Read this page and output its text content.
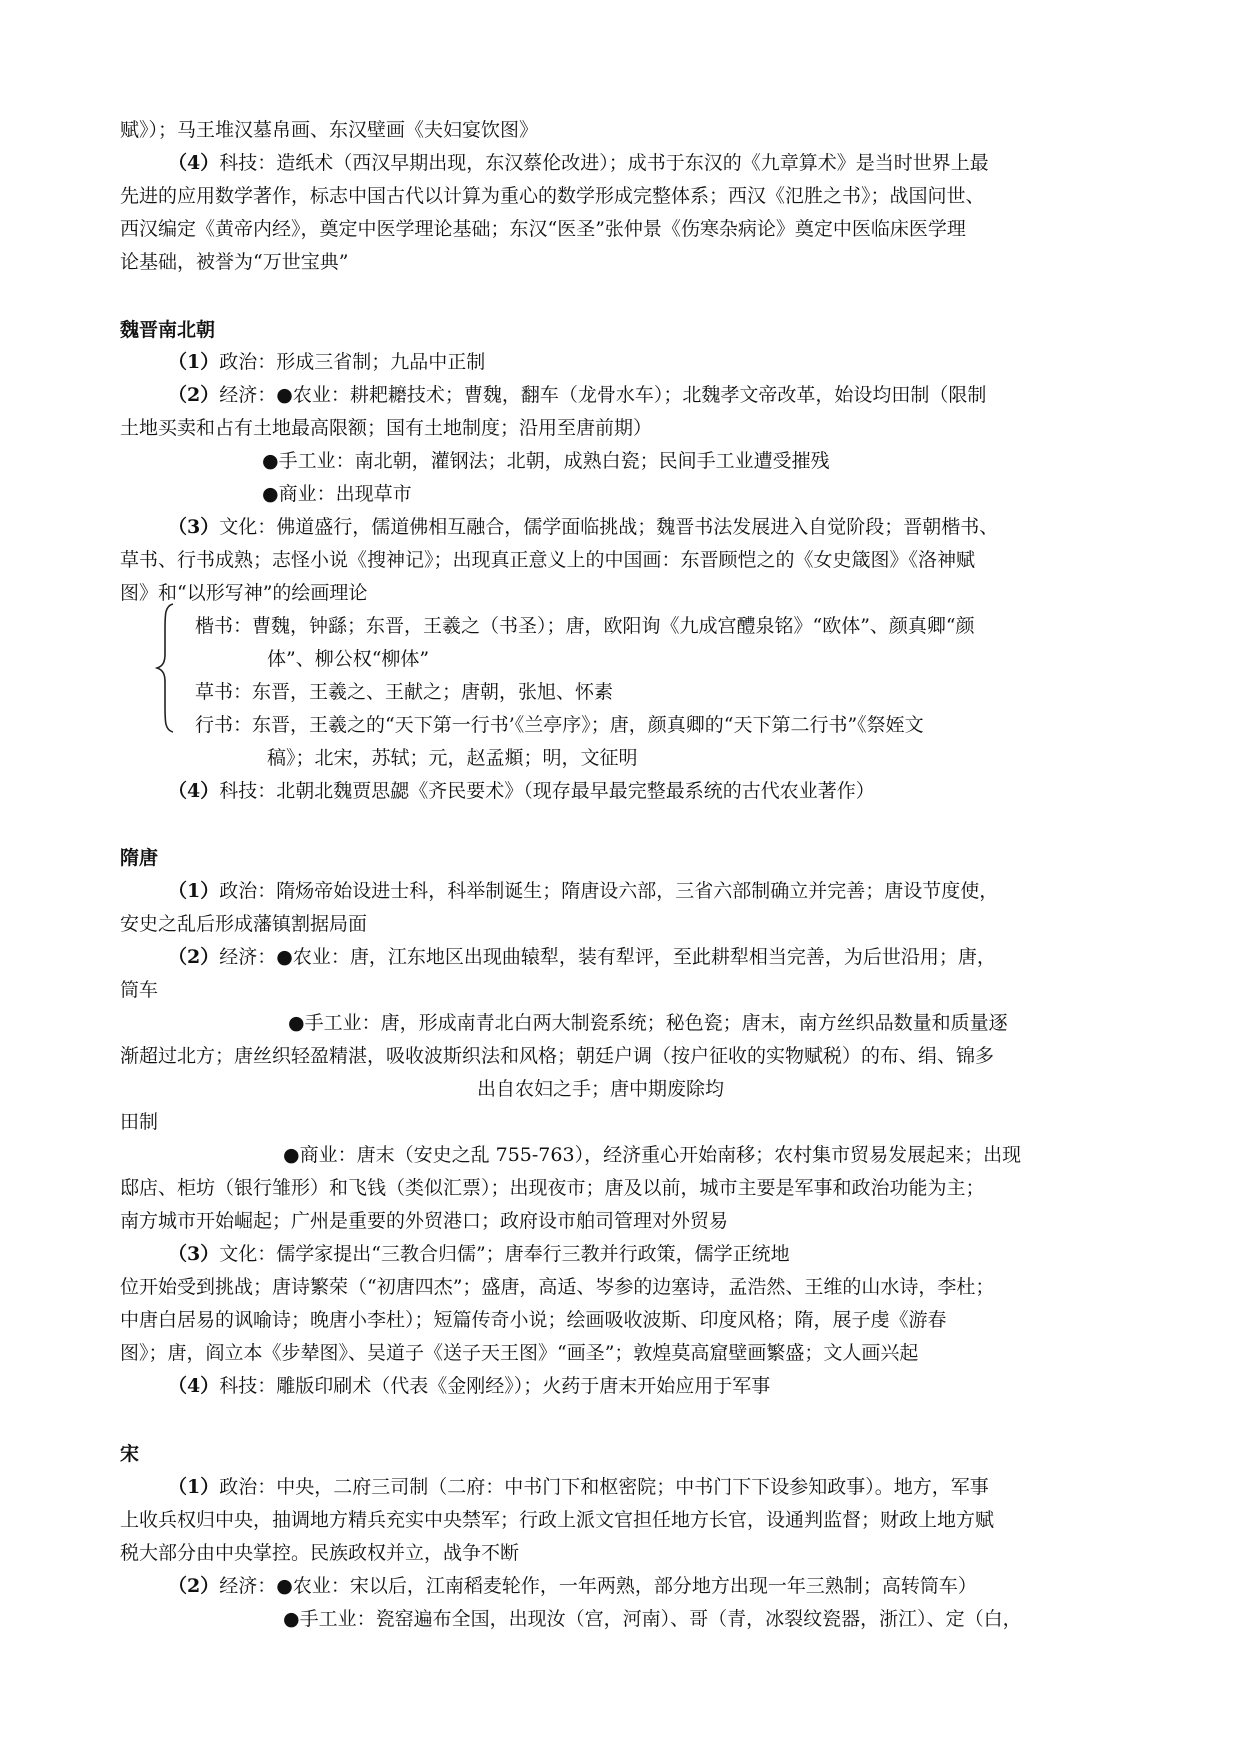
赋》）；马王堆汉墓帛画、东汉壁画《夫妇宴饮图》
（4）科技：造纸术（西汉早期出现，东汉蔡伦改进）；成书于东汉的《九章算术》是当时世界上最
先进的应用数学著作，标志中国古代以计算为重心的数学形成完整体系；西汉《氾胜之书》；战国问世、
西汉编定《黄帝内经》，奠定中医学理论基础；东汉“医圣”张仲景《伤寒杂病论》奠定中医临床医学理
论基础，被誉为“万世宝典”
魏晋南北朝
（1）政治：形成三省制；九品中正制
（2）经济：●农业：耕耙耱技术；曹魏，翻车（龙骨水车）；北魏孝文帝改革，始设均田制（限制
土地买卖和占有土地最高限额；国有土地制度；沿用至唐前期）
●手工业：南北朝，灌钢法；北朝，成熟白瓷；民间手工业遭受摧残
●商业：出现草市
（3）文化：佛道盛行，儒道佛相互融合，儒学面临挑战；魏晋书法发展进入自觉阶段；晋朝楷书、
草书、行书成熟；志怪小说《搜神记》；出现真正意义上的中国画：东晋顾恺之的《女史箴图》《洛神赋
图》和“以形写神”的绘画理论
楷书：曹魏，钟繇；东晋，王羲之（书圣）；唐，欧阳询《九成宫醴泉铭》“欧体”、颜真卿“颜
体”、柳公权“柳体”
草书：东晋，王羲之、王献之；唐朝，张旭、怀素
行书：东晋，王羲之的“天下第一行书’《兰亭序》；唐，颜真卿的“天下第二行书”《祭姪文
稿》；北宋，苏轼；元，赵孟頫；明，文征明
（4）科技：北朝北魏贾思勰《齐民要术》（现存最早最完整最系统的古代农业著作）
隋唐
（1）政治：隋炀帝始设进士科，科举制诞生；隋唐设六部，三省六部制确立并完善；唐设节度使，
安史之乱后形成藩镇割据局面
（2）经济：●农业：唐，江东地区出现曲辕犁，装有犁评，至此耕犁相当完善，为后世沿用；唐，
筒车
●手工业：唐，形成南青北白两大制瓷系统；秘色瓷；唐末，南方丝织品数量和质量逐
渐超过北方；唐丝织轻盈精湛，吸收波斯织法和风格；朝廷户调（按户征收的实物赋税）的布、绢、锦多
出自农妇之手；唐中期废除均
田制
●商业：唐末（安史之乱 755-763），经济重心开始南移；农村集市贸易发展起来；出现
邸店、柜坊（银行雏形）和飞钱（类似汇票）；出现夜市；唐及以前，城市主要是军事和政治功能为主；
南方城市开始崛起；广州是重要的外贸港口；政府设市舶司管理对外贸易
（3）文化：儒学家提出“三教合归儒”；唐奉行三教并行政策，儒学正统地
位开始受到挑战；唐诗繁荣（“初唐四杰”；盛唐，高适、岑参的边塞诗，孟浩然、王维的山水诗，李杜；
中唐白居易的讽喻诗；晚唐小李杜）；短篇传奇小说；绘画吸收波斯、印度风格；隋，展子虔《游春
图》；唐，阎立本《步辇图》、吴道子《送子天王图》“画圣”；敦煌莫高窟壁画繁盛；文人画兴起
（4）科技：雕版印刷术（代表《金刚经》）；火药于唐末开始应用于军事
宋
（1）政治：中央，二府三司制（二府：中书门下和枢密院；中书门下下设参知政事）。地方，军事
上收兵权归中央，抽调地方精兵充实中央禁军；行政上派文官担任地方长官，设通判监督；财政上地方赋
税大部分由中央掌控。民族政权并立，战争不断
（2）经济：●农业：宋以后，江南稻麦轮作，一年两熟，部分地方出现一年三熟制；高转筒车）
●手工业：瓷窑遍布全国，出现汝（宫，河南）、哥（青，冰裂纹瓷器，浙江）、定（白，
